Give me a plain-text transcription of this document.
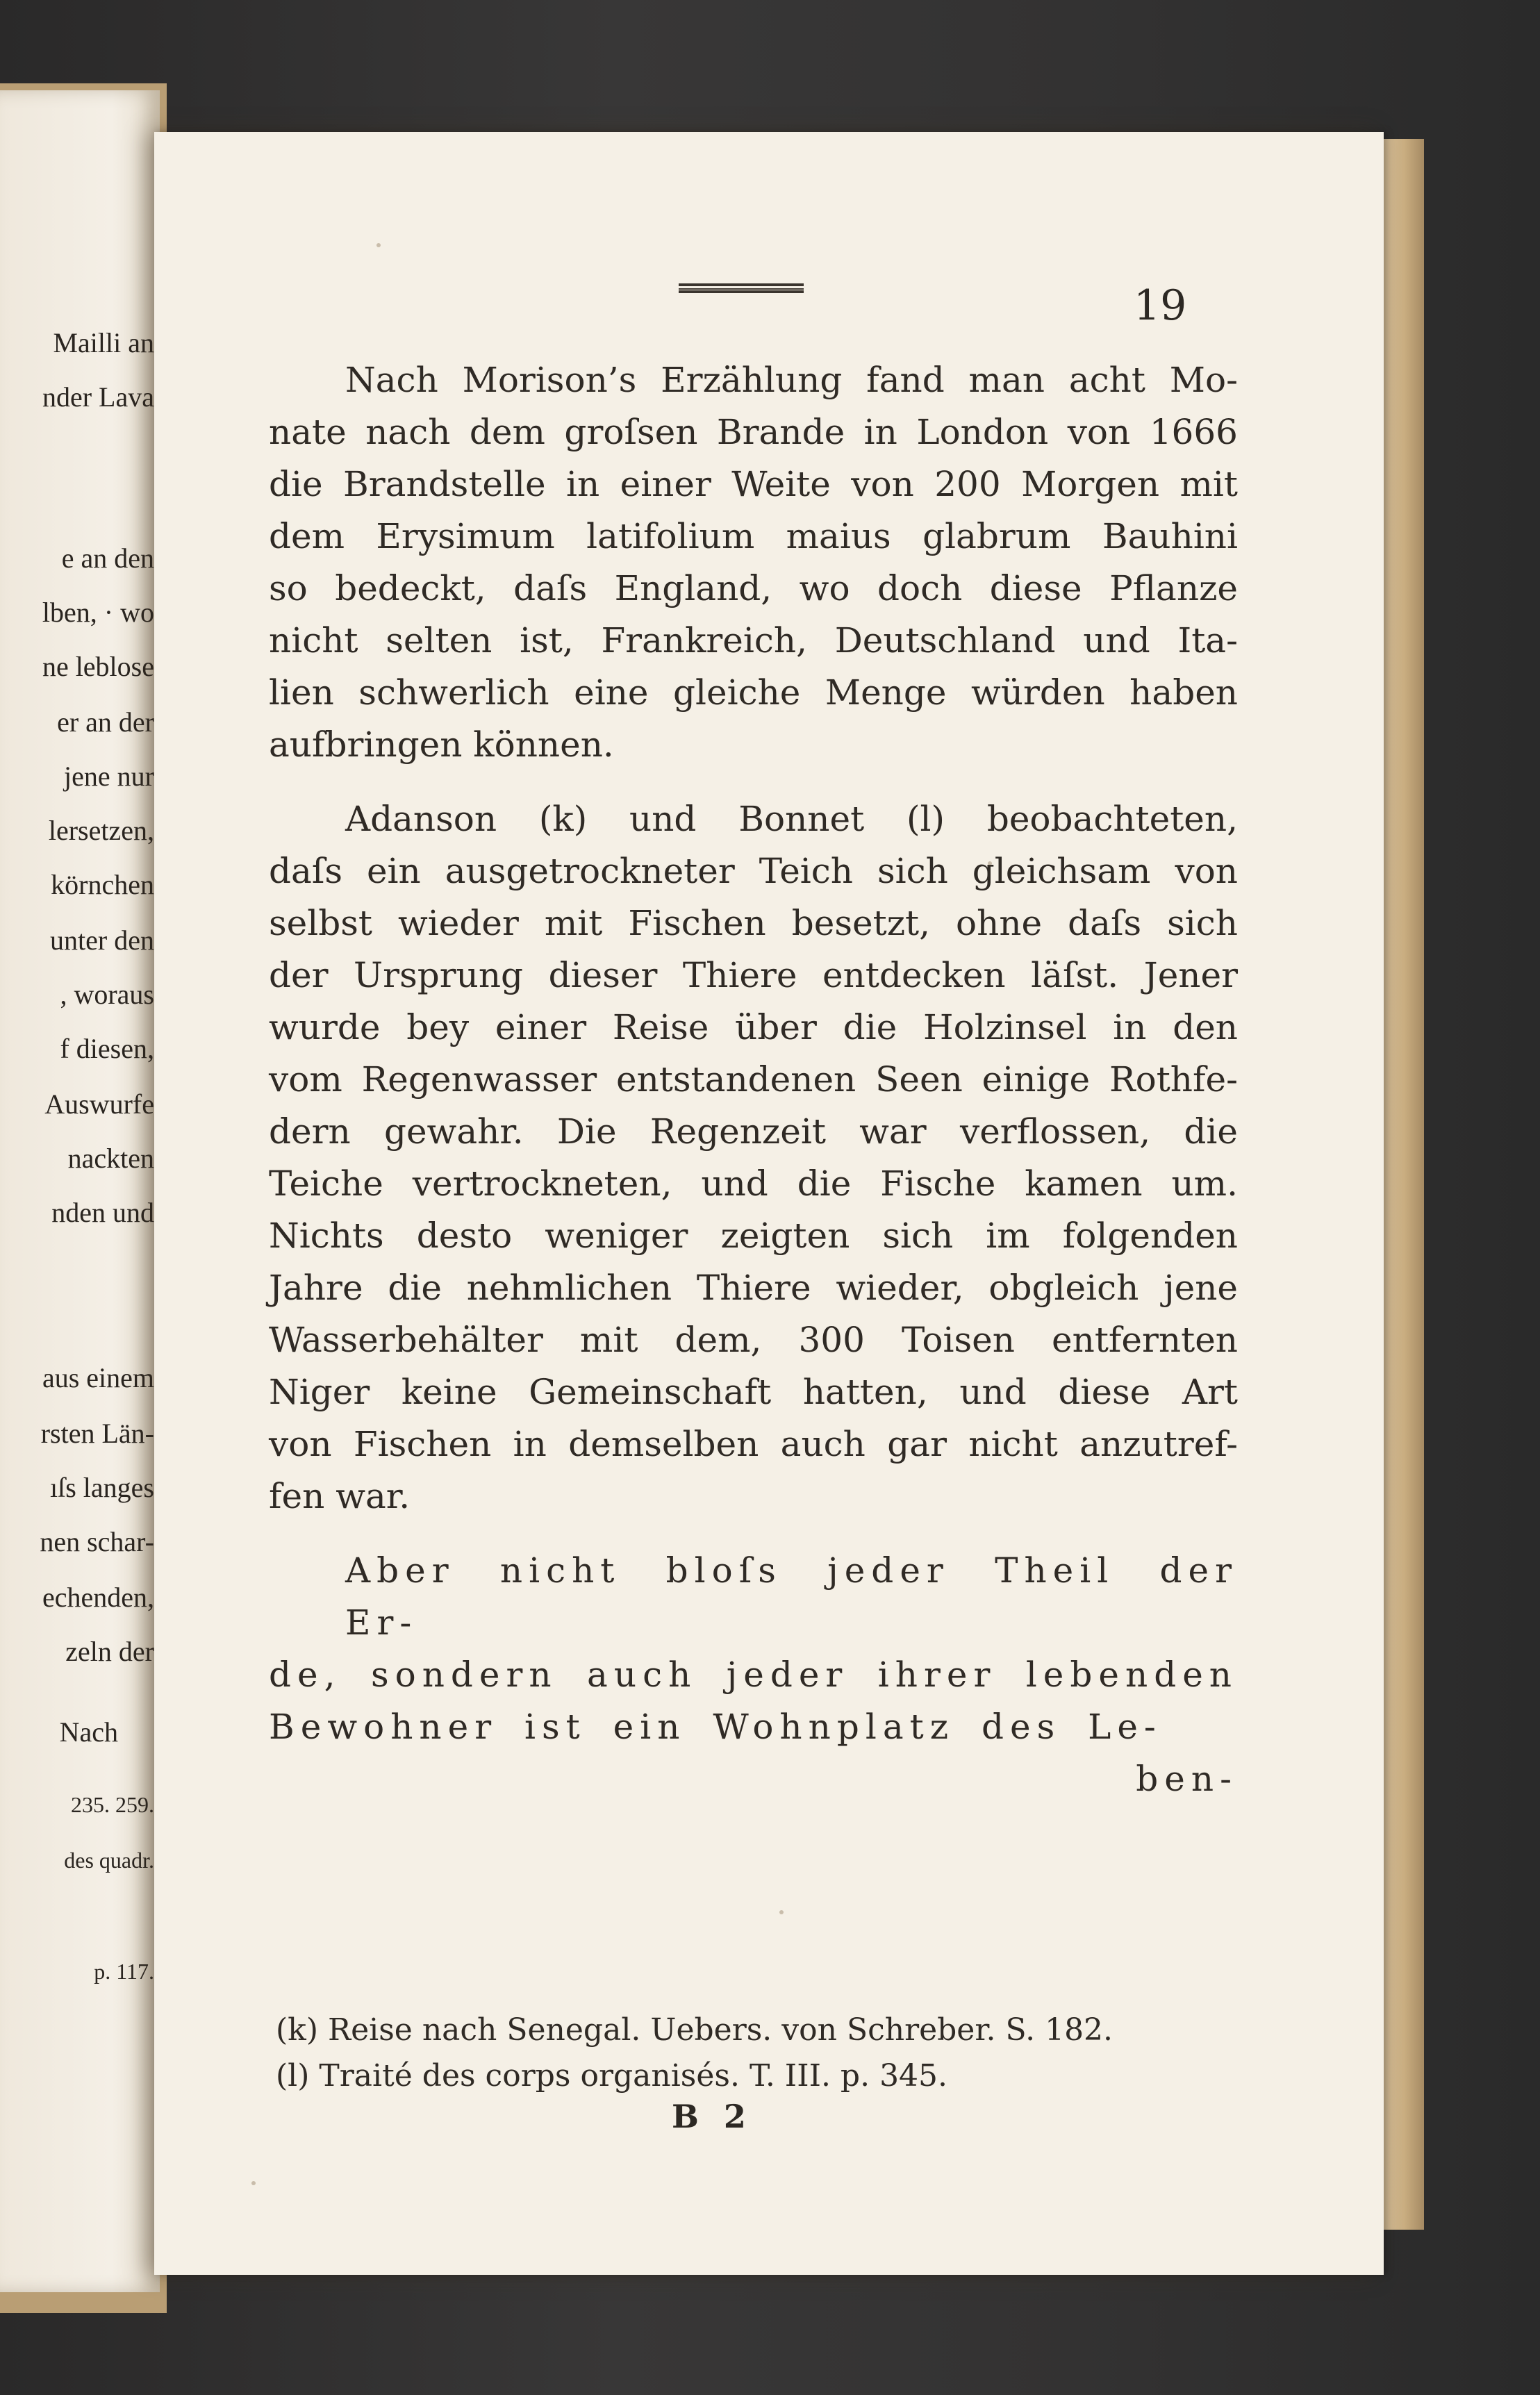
Mailli an
nder Lava
e an den
lben, · wo
ne leblose
er an der
jene nur
lersetzen,
körnchen
unter den
, woraus
f diesen,
Auswurfe
nackten
nden und
aus einem
rsten Län-
ıſs langes
nen schar-
echenden,
zeln der
Nach
235. 259.
des quadr.
p. 117.
19

Nach Morison’s Erzählung fand man acht Mo-
nate nach dem groſsen Brande in London von 1666
die Brandstelle in einer Weite von 200 Morgen mit
dem Erysimum latifolium maius glabrum Bauhini
so bedeckt, daſs England, wo doch diese Pflanze
nicht selten ist, Frankreich, Deutschland und Ita-
lien schwerlich eine gleiche Menge würden haben
aufbringen können.

Adanson (k) und Bonnet (l) beobachteten,
daſs ein ausgetrockneter Teich sich gleichsam von
selbst wieder mit Fischen besetzt, ohne daſs sich
der Ursprung dieser Thiere entdecken läſst. Jener
wurde bey einer Reise über die Holzinsel in den
vom Regenwasser entstandenen Seen einige Rothfe-
dern gewahr. Die Regenzeit war verflossen, die
Teiche vertrockneten, und die Fische kamen um.
Nichts desto weniger zeigten sich im folgenden
Jahre die nehmlichen Thiere wieder, obgleich jene
Wasserbehälter mit dem, 300 Toisen entfernten
Niger keine Gemeinschaft hatten, und diese Art
von Fischen in demselben auch gar nicht anzutref-
fen war.

Aber nicht bloſs jeder Theil der Er-
de, sondern auch jeder ihrer lebenden
Bewohner ist ein Wohnplatz des Le-

ben-

(k) Reise nach Senegal. Uebers. von Schreber. S. 182.

(l) Traité des corps organisés. T. III. p. 345.

B 2
